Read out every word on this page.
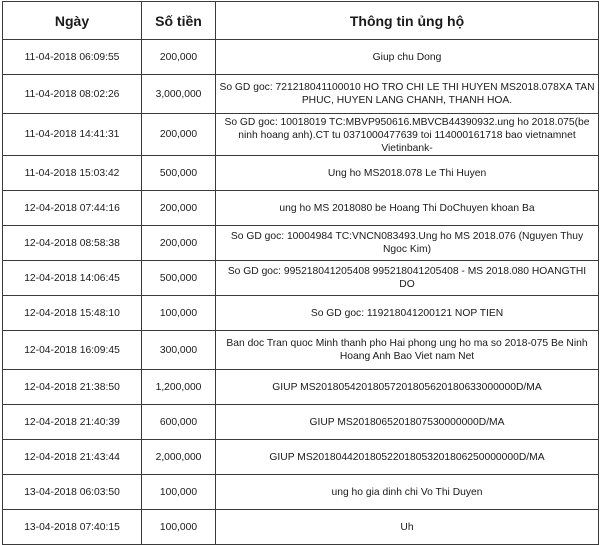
Ngày	Số tiền	Thông tin ủng hộ
11-04-2018 06:09:55	200,000	Giup chu Dong
11-04-2018 08:02:26	3,000,000	So GD goc: 721218041100010 HO TRO CHI LE THI HUYEN MS2018.078XA TAN PHUC, HUYEN LANG CHANH, THANH HOA.
11-04-2018 14:41:31	200,000	So GD goc: 10018019 TC:MBVP950616.MBVCB44390932.ung ho 2018.075(be ninh hoang anh).CT tu 0371000477639 toi 114000161718 bao vietnamnet Vietinbank-
11-04-2018 15:03:42	500,000	Ung ho MS2018.078 Le Thi Huyen
12-04-2018 07:44:16	200,000	ung ho MS 2018080 be Hoang Thi DoChuyen khoan Ba
12-04-2018 08:58:38	200,000	So GD goc: 10004984 TC:VNCN083493.Ung ho MS 2018.076 (Nguyen Thuy Ngoc Kim)
12-04-2018 14:06:45	500,000	So GD goc: 995218041205408 995218041205408 - MS 2018.080 HOANGTHI DO
12-04-2018 15:48:10	100,000	So GD goc: 119218041200121 NOP TIEN
12-04-2018 16:09:45	300,000	Ban doc Tran quoc Minh thanh pho Hai phong ung ho ma so 2018-075 Be Ninh Hoang Anh Bao Viet nam Net
12-04-2018 21:38:50	1,200,000	GIUP MS20180542018057201805620180633000000D/MA
12-04-2018 21:40:39	600,000	GIUP MS2018065201807530000000D/MA
12-04-2018 21:43:44	2,000,000	GIUP MS201804420180522018053201806250000000D/MA
13-04-2018 06:03:50	100,000	ung ho gia dinh chi Vo Thi Duyen
13-04-2018 07:40:15	100,000	Uh
